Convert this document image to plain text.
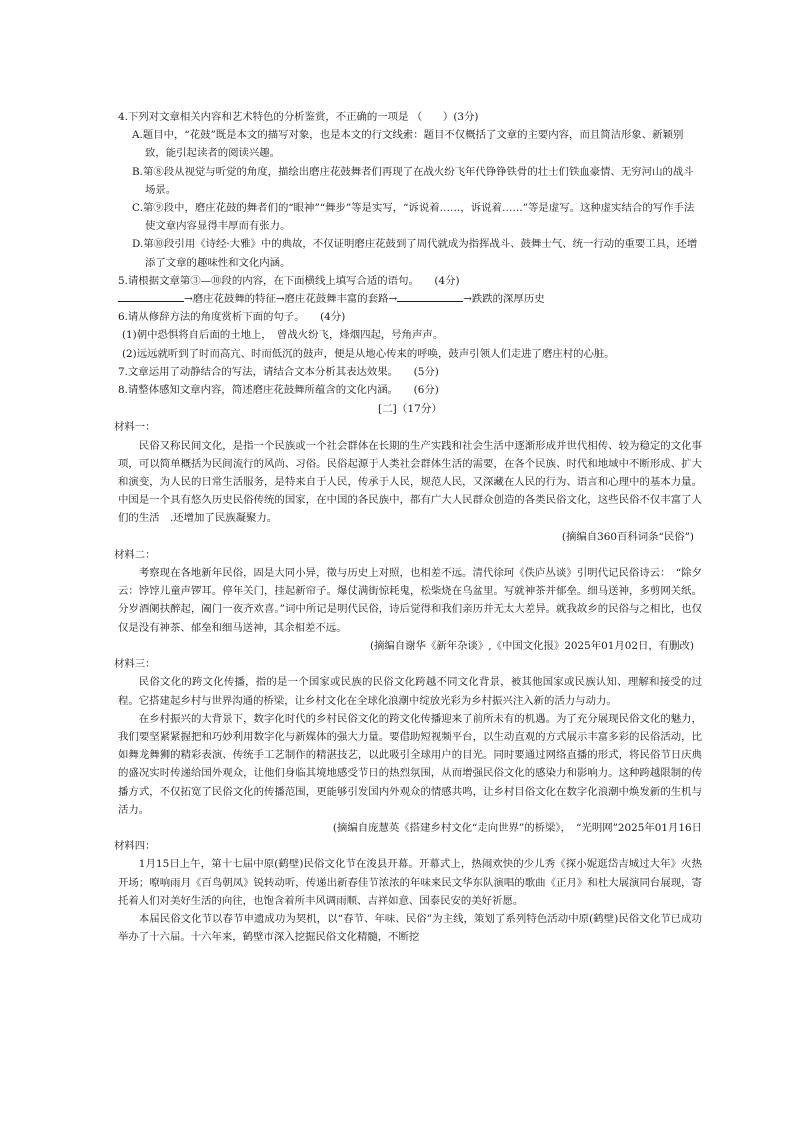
4.下列对文章相关内容和艺术特色的分析鉴赏，不正确的一项是 （　　）(3分)

A.题目中，“花鼓”既是本文的描写对象，也是本文的行文线索：题目不仅概括了文章的主要内容，而且简洁形象、新颖别致，能引起读者的阅读兴趣。

B.第⑧段从视觉与听觉的角度，描绘出磨庄花鼓舞者们再现了在战火纷飞年代铮铮铁骨的壮士们铁血豪情、无穷河山的战斗场景。

C.第⑨段中，磨庄花鼓的舞者们的“眼神”“舞步”等是实写，“诉说着……，诉说着……”等是虚写。这种虚实结合的写作手法使文章内容显得丰厚而有张力。

D.第⑩段引用《诗经·大雅》中的典故，不仅证明磨庄花鼓到了周代就成为指挥战斗、鼓舞士气、统一行动的重要工具，还增添了文章的趣味性和文化内涵。

5.请根据文章第③—⑩段的内容，在下面横线上填写合适的语句。　　(4分)

→磨庄花鼓舞的特征→磨庄花鼓舞丰富的套路→	→跌跌的深厚历史

6.请从修辞方法的角度赏析下面的句子。　　(4分)

(1)朝中恐惧将自后面的土地上，　曾战火纷飞，烽烟四起，号角声声。

(2)远远就听到了时而高亢、时而低沉的鼓声，便是从地心传来的呼唤，鼓声引领人们走进了磨庄村的心脏。

7.文章运用了动静结合的写法，请结合文本分析其表达效果。　　(5分)

8.请整体感知文章内容，简述磨庄花鼓舞所蕴含的文化内涵。　　(6分)

[二]（17分）

材料一：

民俗又称民间文化，是指一个民族或一个社会群体在长期的生产实践和社会生活中逐渐形成并世代相传、较为稳定的文化事项，可以简单概括为民间流行的风尚、习俗。民俗起源于人类社会群体生活的需要，在各个民族、时代和地域中不断形成、扩大和演变，为人民的日常生活服务，是特来自于人民，传承于人民，规范人民，又深藏在人民的行为、语言和心理中的基本力量。中国是一个具有悠久历史民俗传统的国家，在中国的各民族中，都有广大人民群众创造的各类民俗文化，这些民俗不仅丰富了人们的生活　.还增加了民族凝聚力。

(摘编自360百科词条“民俗”)

材料二：

考察现在各地新年民俗，固是大同小异，徵与历史上对照，也相差不远。清代徐珂《佚庐丛谈》引明代记民俗诗云：　“除夕云：饽饽儿童声锣耳。停年关门，挂起新帘子。爆仗满街惊耗鬼，松柴烧在乌盆里。写就神茶并郁垒。细马送神，多剪网关纸。分岁酒阑扶醉起，阖门一夜齐欢喜。”词中所记是明代民俗，诗后觉得和我们亲历并无太大差异。就我故乡的民俗与之相比，也仅仅是没有神茶、郁垒和细马送神，其余相差不远。

(摘编自谢华《新年杂谈》,《中国文化报》2025年01月02日，有删改)

材料三：

民俗文化的跨文化传播，指的是一个国家或民族的民俗文化跨越不同文化背景，被其他国家或民族认知、理解和接受的过程。它搭建起乡村与世界沟通的桥梁，让乡村文化在全球化浪潮中绽放光彩为乡村振兴注入新的活力与动力。

在乡村振兴的大背景下，数字化时代的乡村民俗文化的跨文化传播迎来了前所未有的机遇。为了充分展现民俗文化的魅力，我们要坚紧紧握把和巧妙利用数字化与新媒体的强大力量。要借助短视频平台，以生动直观的方式展示丰富多彩的民俗活动，比如舞龙舞狮的精彩表演、传统手工艺制作的精湛技艺，以此吸引全球用户的目光。同时要通过网络直播的形式，将民俗节日庆典的盛况实时传递给国外观众，让他们身临其境地感受节日的热烈氛围，从而增强民俗文化的感染力和影响力。这种跨越限制的传播方式，不仅拓宽了民俗文化的传播范围，更能够引发国内外观众的情感共鸣，让乡村目俗文化在数字化浪潮中焕发新的生机与活力。

(摘编自庞慧英《搭建乡村文化“走向世界”的桥梁》，　“光明网”2025年01月16日

材料四：

1月15日上午，第十七届中原(鹤壁)民俗文化节在浚县开幕。开幕式上，热闹欢快的少儿秀《探小妮逛岱吉城过大年》火热开场；嘹响雨月《百鸟朝凤》锐转动听，传递出新春佳节浓浓的年味来民文华东队演唱的歌曲《正月》和杜大展演同台展现，寄托着人们对美好生活的向往，也饱含着所丰风调雨顺、吉祥如意、国泰民安的美好祈愿。

本届民俗文化节以春节申遗成功为契机，以“春节、年味、民俗”为主线，策划了系列特色活动中原(鹤壁)民俗文化节已成功举办了十六届。十六年来，鹤壁市深入挖掘民俗文化精髓，不断挖
